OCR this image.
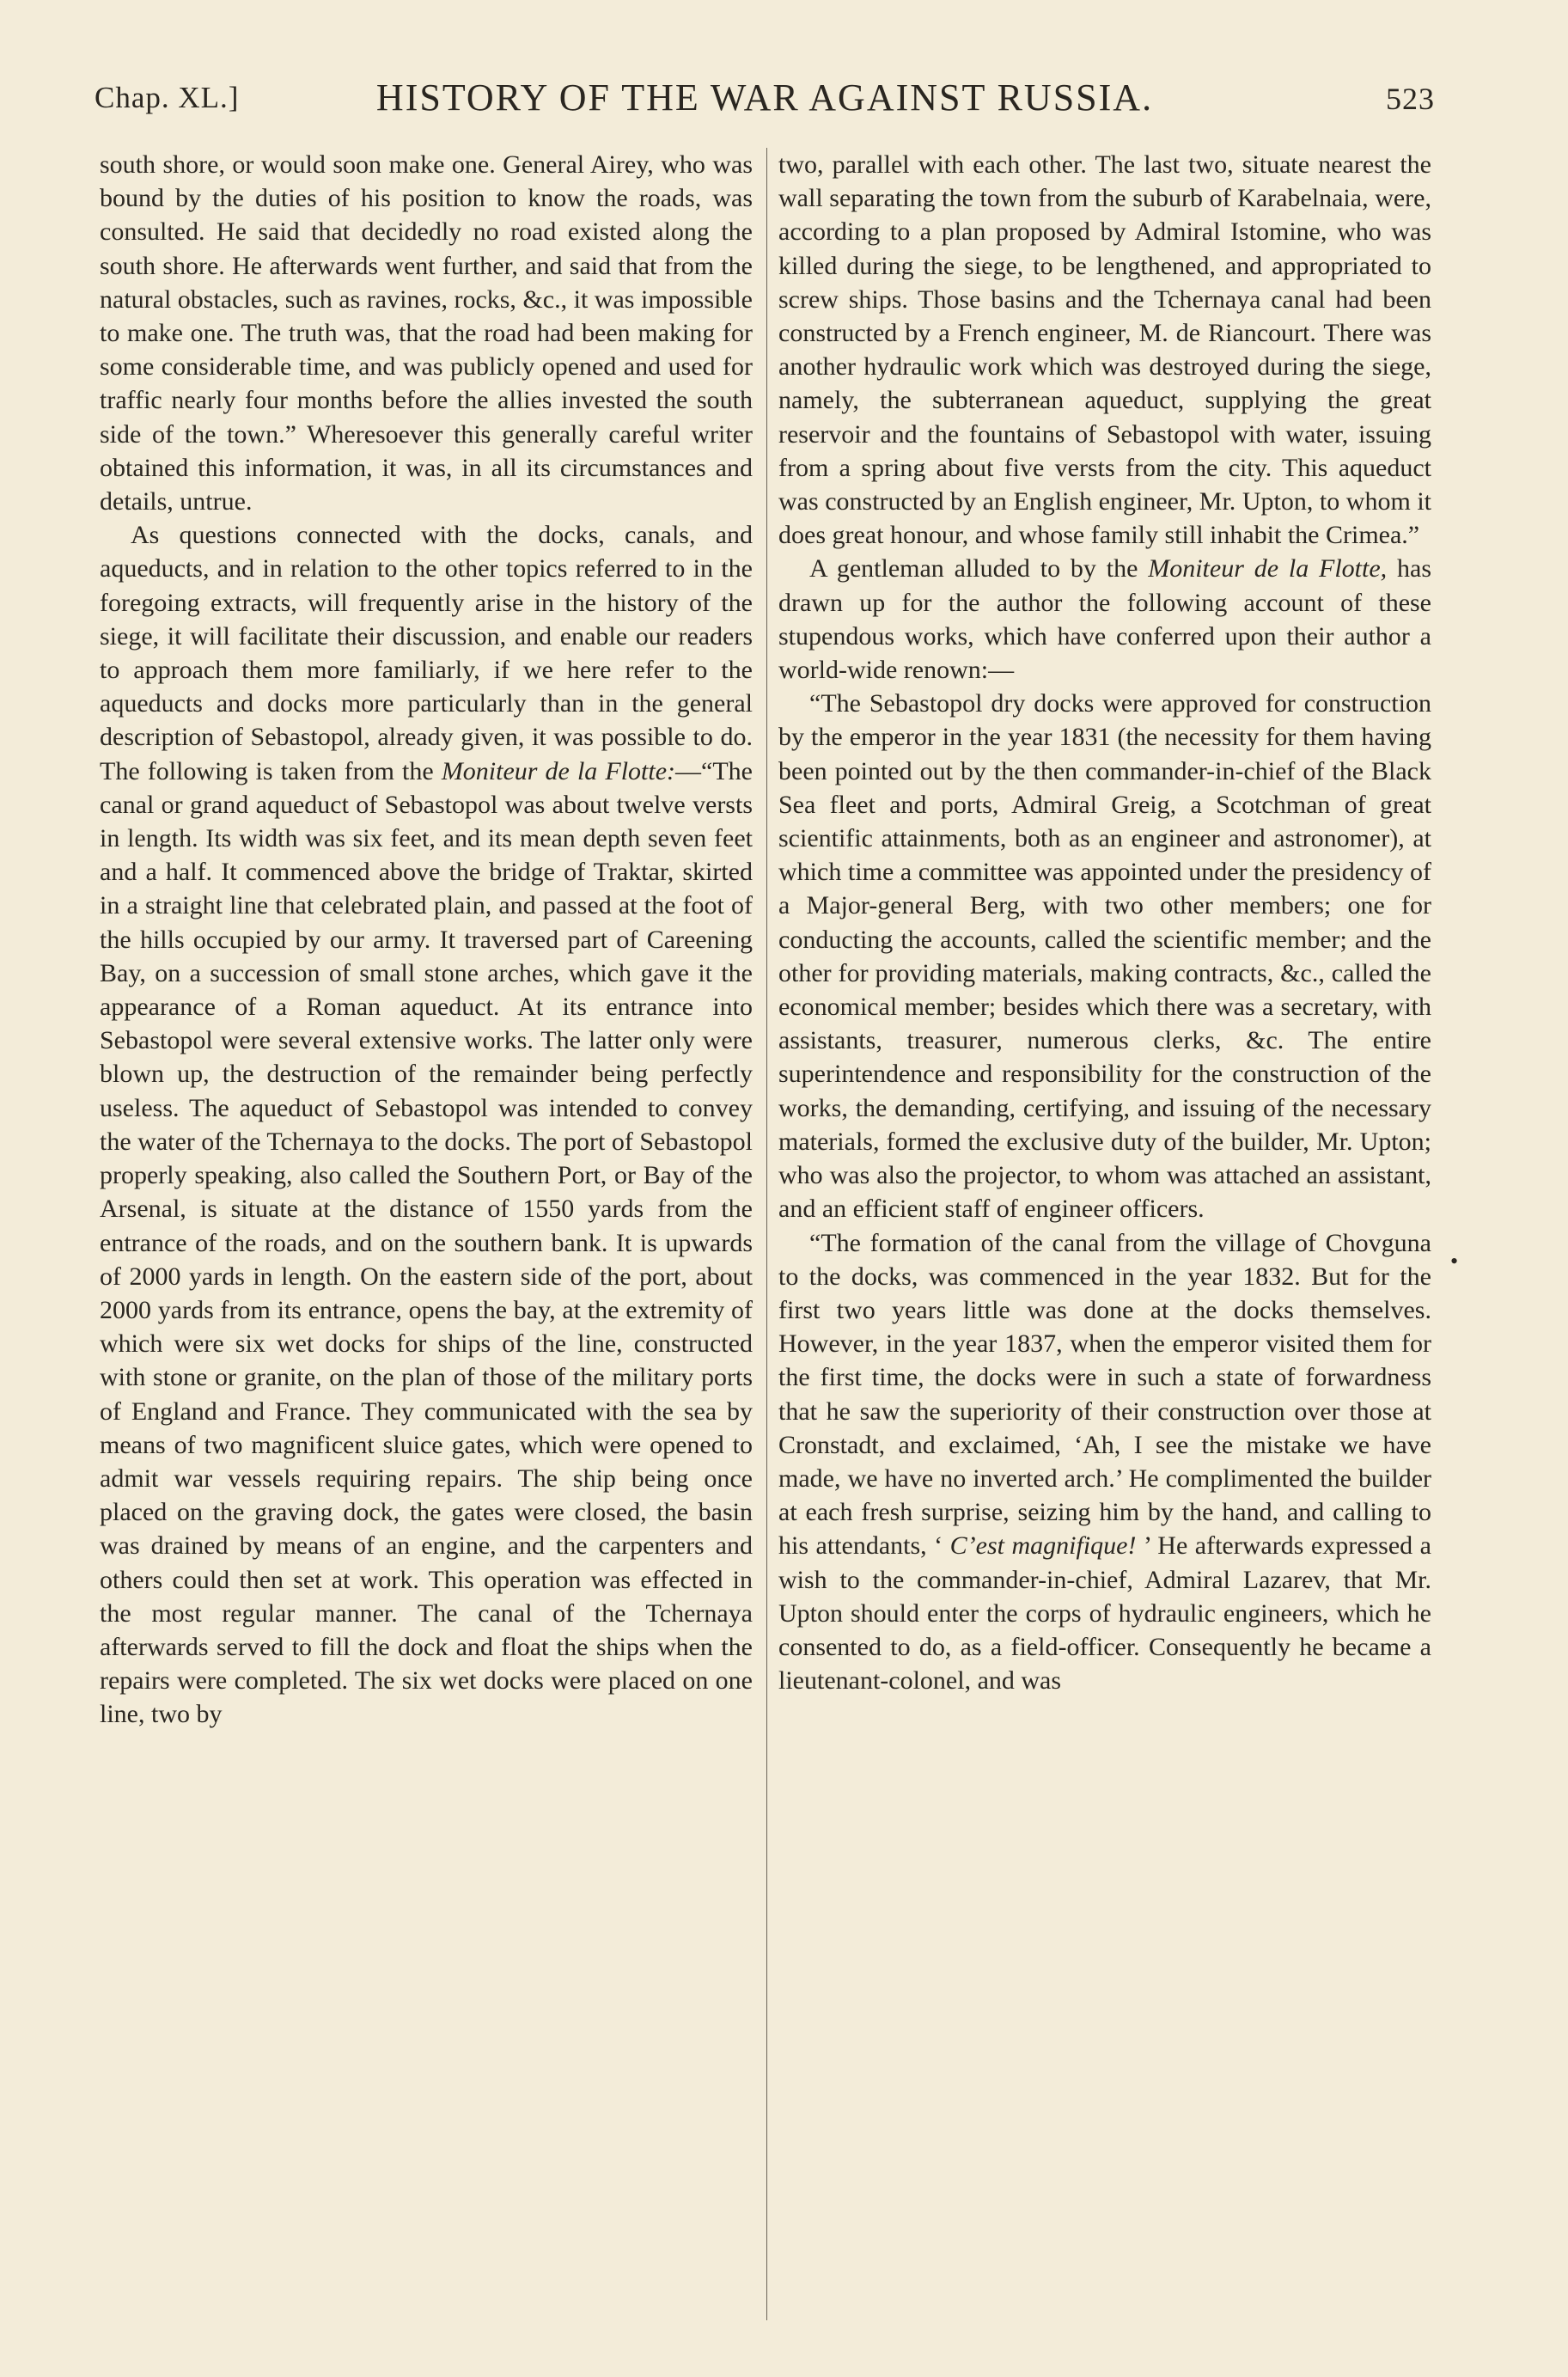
Chap. XL.]	HISTORY OF THE WAR AGAINST RUSSIA.	523

south shore, or would soon make one. General Airey, who was bound by the duties of his position to know the roads, was consulted. He said that decidedly no road existed along the south shore. He afterwards went further, and said that from the natural obstacles, such as ravines, rocks, &c., it was impossible to make one. The truth was, that the road had been making for some considerable time, and was publicly opened and used for traffic nearly four months before the allies invested the south side of the town.” Wheresoever this generally careful writer obtained this information, it was, in all its circumstances and details, untrue.

As questions connected with the docks, canals, and aqueducts, and in relation to the other topics referred to in the foregoing extracts, will frequently arise in the history of the siege, it will facilitate their discussion, and enable our readers to approach them more familiarly, if we here refer to the aqueducts and docks more particularly than in the general description of Sebastopol, already given, it was possible to do. The following is taken from the Moniteur de la Flotte:—“The canal or grand aqueduct of Sebastopol was about twelve versts in length. Its width was six feet, and its mean depth seven feet and a half. It commenced above the bridge of Traktar, skirted in a straight line that celebrated plain, and passed at the foot of the hills occupied by our army. It traversed part of Careening Bay, on a succession of small stone arches, which gave it the appearance of a Roman aqueduct. At its entrance into Sebastopol were several extensive works. The latter only were blown up, the destruction of the remainder being perfectly useless. The aqueduct of Sebastopol was intended to convey the water of the Tchernaya to the docks. The port of Sebastopol properly speaking, also called the Southern Port, or Bay of the Arsenal, is situate at the distance of 1550 yards from the entrance of the roads, and on the southern bank. It is upwards of 2000 yards in length. On the eastern side of the port, about 2000 yards from its entrance, opens the bay, at the extremity of which were six wet docks for ships of the line, constructed with stone or granite, on the plan of those of the military ports of England and France. They communicated with the sea by means of two magnificent sluice gates, which were opened to admit war vessels requiring repairs. The ship being once placed on the graving dock, the gates were closed, the basin was drained by means of an engine, and the carpenters and others could then set at work. This operation was effected in the most regular manner. The canal of the Tchernaya afterwards served to fill the dock and float the ships when the repairs were completed. The six wet docks were placed on one line, two by

two, parallel with each other. The last two, situate nearest the wall separating the town from the suburb of Karabelnaia, were, according to a plan proposed by Admiral Istomine, who was killed during the siege, to be lengthened, and appropriated to screw ships. Those basins and the Tchernaya canal had been constructed by a French engineer, M. de Riancourt. There was another hydraulic work which was destroyed during the siege, namely, the subterranean aqueduct, supplying the great reservoir and the fountains of Sebastopol with water, issuing from a spring about five versts from the city. This aqueduct was constructed by an English engineer, Mr. Upton, to whom it does great honour, and whose family still inhabit the Crimea.”

A gentleman alluded to by the Moniteur de la Flotte, has drawn up for the author the following account of these stupendous works, which have conferred upon their author a world-wide renown:—

“The Sebastopol dry docks were approved for construction by the emperor in the year 1831 (the necessity for them having been pointed out by the then commander-in-chief of the Black Sea fleet and ports, Admiral Greig, a Scotchman of great scientific attainments, both as an engineer and astronomer), at which time a committee was appointed under the presidency of a Major-general Berg, with two other members; one for conducting the accounts, called the scientific member; and the other for providing materials, making contracts, &c., called the economical member; besides which there was a secretary, with assistants, treasurer, numerous clerks, &c. The entire superintendence and responsibility for the construction of the works, the demanding, certifying, and issuing of the necessary materials, formed the exclusive duty of the builder, Mr. Upton; who was also the projector, to whom was attached an assistant, and an efficient staff of engineer officers.

“The formation of the canal from the village of Chovguna to the docks, was commenced in the year 1832. But for the first two years little was done at the docks themselves. However, in the year 1837, when the emperor visited them for the first time, the docks were in such a state of forwardness that he saw the superiority of their construction over those at Cronstadt, and exclaimed, ‘Ah, I see the mistake we have made, we have no inverted arch.’ He complimented the builder at each fresh surprise, seizing him by the hand, and calling to his attendants, ‘ C’est magnifique! ’ He afterwards expressed a wish to the commander-in-chief, Admiral Lazarev, that Mr. Upton should enter the corps of hydraulic engineers, which he consented to do, as a field-officer. Consequently he became a lieutenant-colonel, and was

•
